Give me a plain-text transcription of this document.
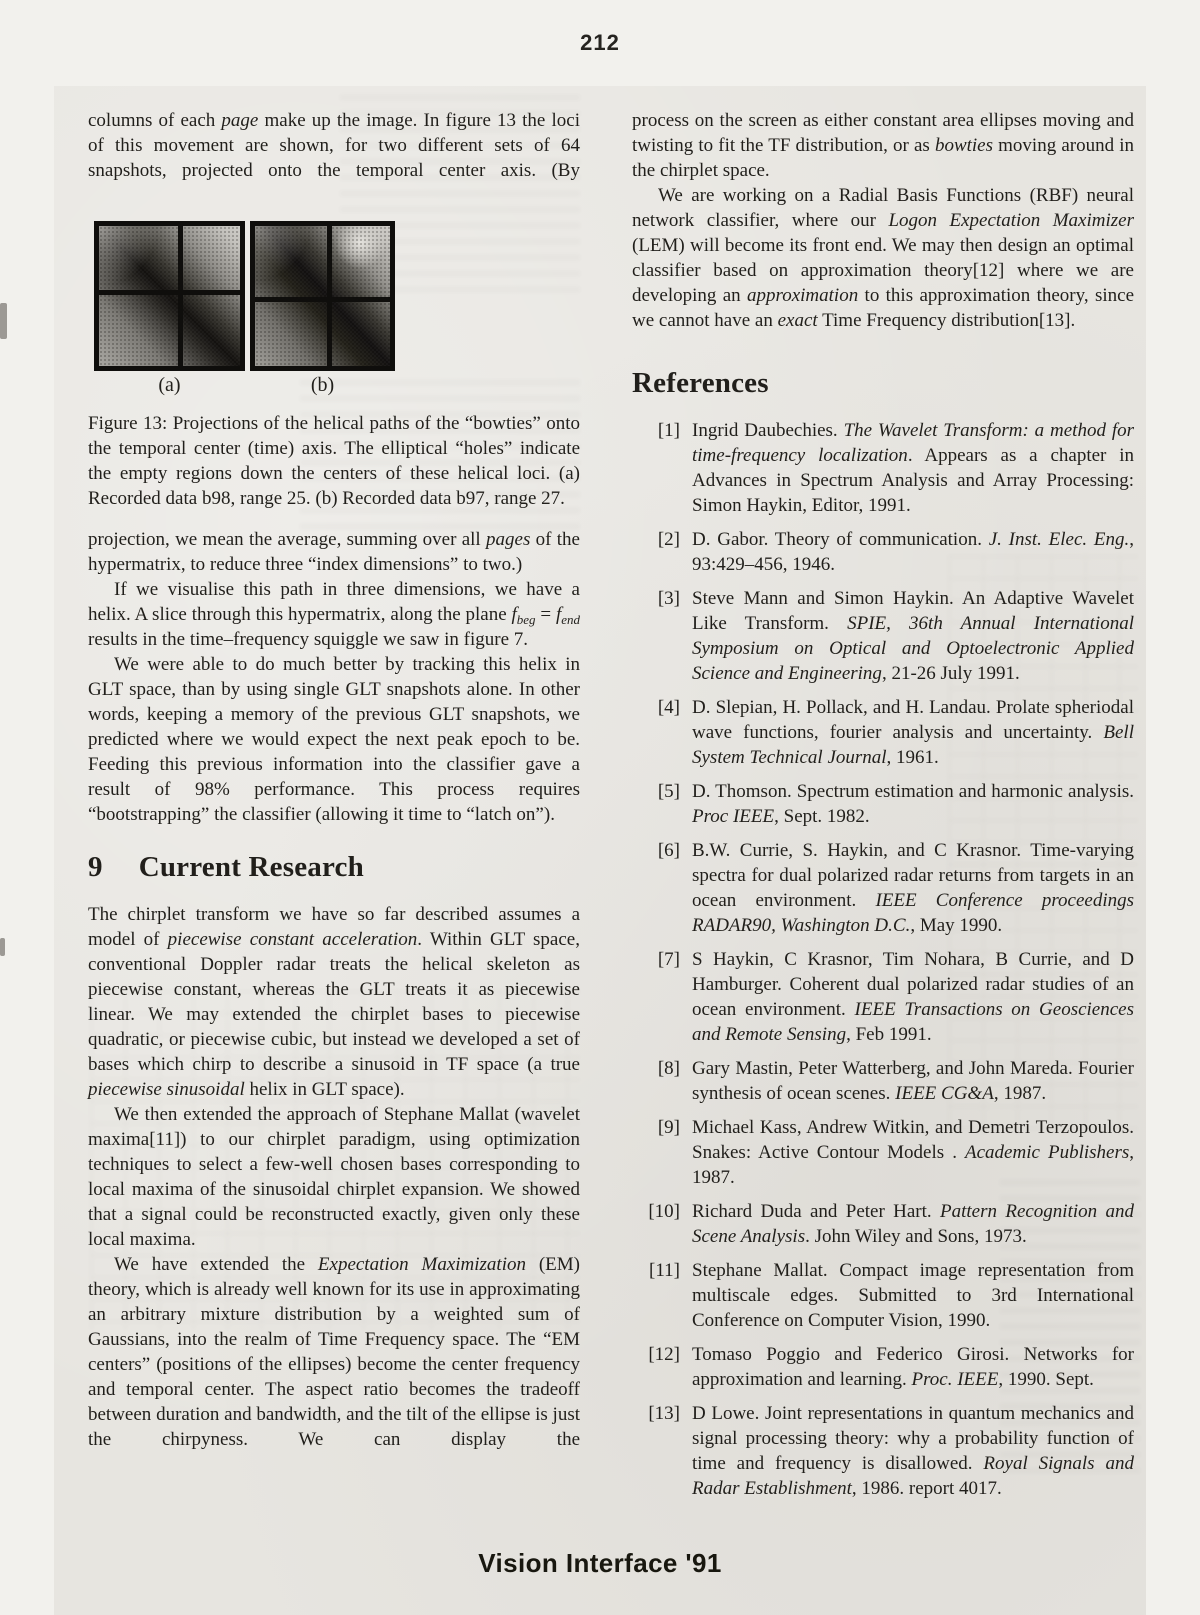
212

columns of each page make up the image. In figure 13 the loci of this movement are shown, for two different sets of 64 snapshots, projected onto the temporal center axis. (By

(a)	(b)

Figure 13: Projections of the helical paths of the “bowties” onto the temporal center (time) axis. The elliptical “holes” indicate the empty regions down the centers of these helical loci. (a) Recorded data b98, range 25. (b) Recorded data b97, range 27.

projection, we mean the average, summing over all pages of the hypermatrix, to reduce three “index dimensions” to two.)

If we visualise this path in three dimensions, we have a helix. A slice through this hypermatrix, along the plane $f_{beg} = f_{end}$ results in the time–frequency squiggle we saw in figure 7.

We were able to do much better by tracking this helix in GLT space, than by using single GLT snapshots alone. In other words, keeping a memory of the previous GLT snapshots, we predicted where we would expect the next peak epoch to be. Feeding this previous information into the classifier gave a result of 98% performance. This process requires “bootstrapping” the classifier (allowing it time to “latch on”).

9 Current Research

The chirplet transform we have so far described assumes a model of piecewise constant acceleration. Within GLT space, conventional Doppler radar treats the helical skeleton as piecewise constant, whereas the GLT treats it as piecewise linear. We may extended the chirplet bases to piecewise quadratic, or piecewise cubic, but instead we developed a set of bases which chirp to describe a sinusoid in TF space (a true piecewise sinusoidal helix in GLT space).

We then extended the approach of Stephane Mallat (wavelet maxima[11]) to our chirplet paradigm, using optimization techniques to select a few-well chosen bases corresponding to local maxima of the sinusoidal chirplet expansion. We showed that a signal could be reconstructed exactly, given only these local maxima.

We have extended the Expectation Maximization (EM) theory, which is already well known for its use in approximating an arbitrary mixture distribution by a weighted sum of Gaussians, into the realm of Time Frequency space. The “EM centers” (positions of the ellipses) become the center frequency and temporal center. The aspect ratio becomes the tradeoff between duration and bandwidth, and the tilt of the ellipse is just the chirpyness. We can display the

process on the screen as either constant area ellipses moving and twisting to fit the TF distribution, or as bowties moving around in the chirplet space.

We are working on a Radial Basis Functions (RBF) neural network classifier, where our Logon Expectation Maximizer (LEM) will become its front end. We may then design an optimal classifier based on approximation theory[12] where we are developing an approximation to this approximation theory, since we cannot have an exact Time Frequency distribution[13].

References
[1] Ingrid Daubechies. The Wavelet Transform: a method for time-frequency localization. Appears as a chapter in Advances in Spectrum Analysis and Array Processing: Simon Haykin, Editor, 1991.
[2] D. Gabor. Theory of communication. J. Inst. Elec. Eng., 93:429–456, 1946.
[3] Steve Mann and Simon Haykin. An Adaptive Wavelet Like Transform. SPIE, 36th Annual International Symposium on Optical and Optoelectronic Applied Science and Engineering, 21-26 July 1991.
[4] D. Slepian, H. Pollack, and H. Landau. Prolate spheriodal wave functions, fourier analysis and uncertainty. Bell System Technical Journal, 1961.
[5] D. Thomson. Spectrum estimation and harmonic analysis. Proc IEEE, Sept. 1982.
[6] B.W. Currie, S. Haykin, and C Krasnor. Time-varying spectra for dual polarized radar returns from targets in an ocean environment. IEEE Conference proceedings RADAR90, Washington D.C., May 1990.
[7] S Haykin, C Krasnor, Tim Nohara, B Currie, and D Hamburger. Coherent dual polarized radar studies of an ocean environment. IEEE Transactions on Geosciences and Remote Sensing, Feb 1991.
[8] Gary Mastin, Peter Watterberg, and John Mareda. Fourier synthesis of ocean scenes. IEEE CG&A, 1987.
[9] Michael Kass, Andrew Witkin, and Demetri Terzopoulos. Snakes: Active Contour Models . Academic Publishers, 1987.
[10] Richard Duda and Peter Hart. Pattern Recognition and Scene Analysis. John Wiley and Sons, 1973.
[11] Stephane Mallat. Compact image representation from multiscale edges. Submitted to 3rd International Conference on Computer Vision, 1990.
[12] Tomaso Poggio and Federico Girosi. Networks for approximation and learning. Proc. IEEE, 1990. Sept.
[13] D Lowe. Joint representations in quantum mechanics and signal processing theory: why a probability function of time and frequency is disallowed. Royal Signals and Radar Establishment, 1986. report 4017.
Vision Interface '91
